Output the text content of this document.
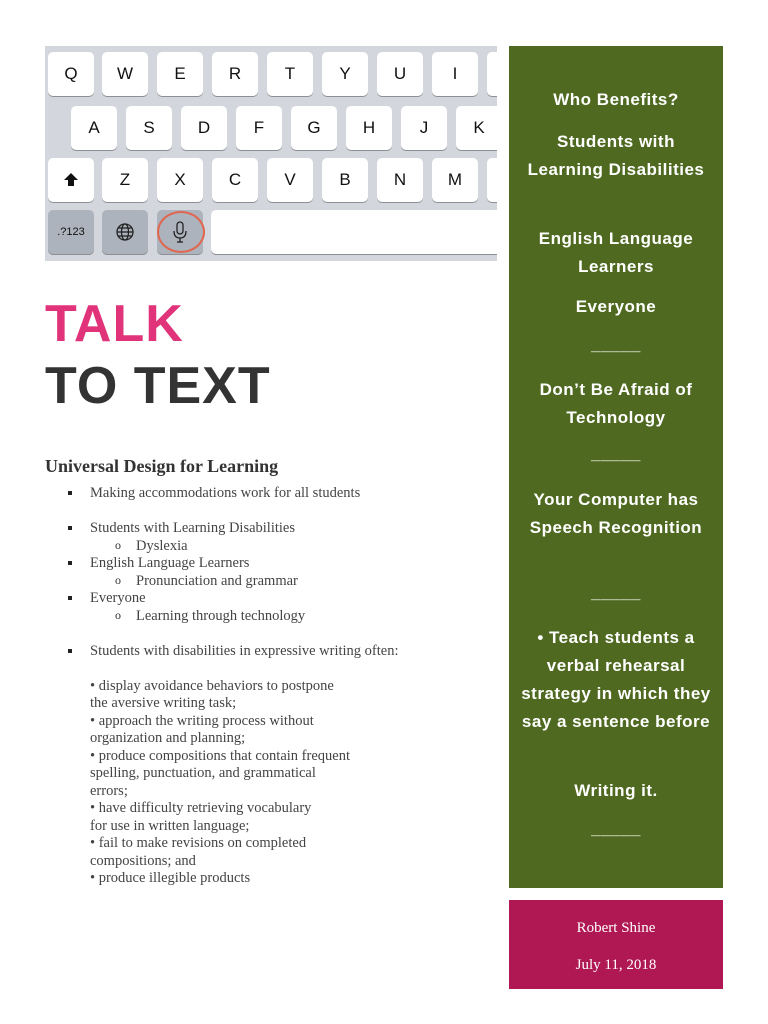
Q	W	E	R	T	Y	U	I
A	S	D	F	G	H	J	K
Z	X	C	V	B	N	M
.?123
TALK
TO TEXT
Universal Design for Learning
Making accommodations work for all students
Students with Learning Disabilities
o Dyslexia
English Language Learners
o Pronunciation and grammar
Everyone
o Learning through technology
Students with disabilities in expressive writing often:
• display avoidance behaviors to postpone
the aversive writing task;
• approach the writing process without
organization and planning;
• produce compositions that contain frequent
spelling, punctuation, and grammatical
errors;
• have difficulty retrieving vocabulary
for use in written language;
• fail to make revisions on completed
compositions; and
• produce illegible products

Who Benefits?

Students with Learning Disabilities

English Language Learners

Everyone

_____

Don’t Be Afraid of Technology

_____

Your Computer has Speech Recognition

_____

• Teach students a verbal rehearsal strategy in which they say a sentence before

Writing it.

_____

Robert Shine
July 11, 2018
